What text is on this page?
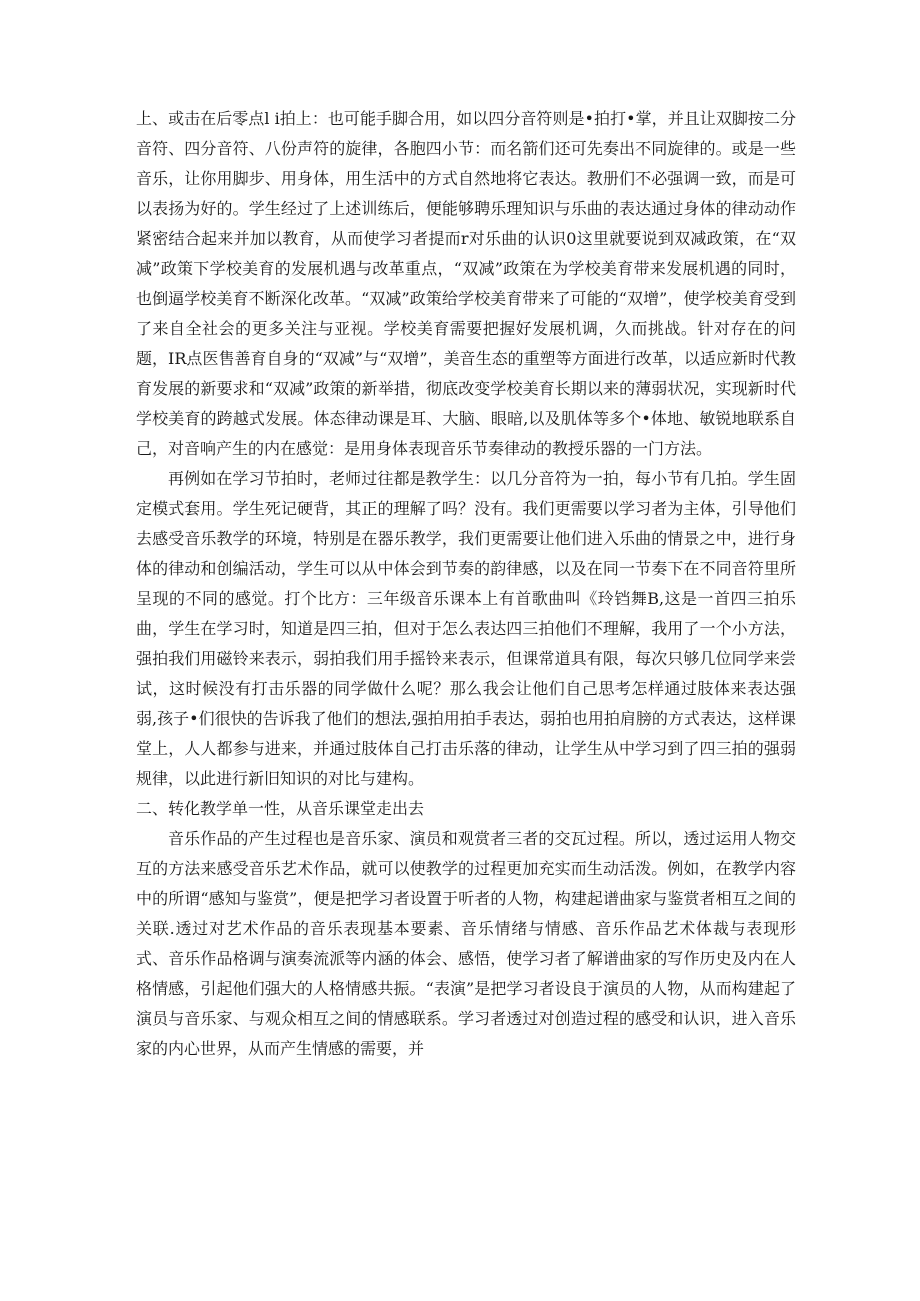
上、或击在后零点l i拍上：也可能手脚合用，如以四分音符则是•拍打•掌，并且让双脚按二分音符、四分音符、八份声符的旋律，各胞四小节：而名箭们还可先奏出不同旋律的。或是一些音乐，让你用脚步、用身体，用生活中的方式自然地将它表达。教册们不必强调一致，而是可以表扬为好的。学生经过了上述训练后，便能够聘乐理知识与乐曲的表达通过身体的律动动作紧密结合起来并加以教育，从而使学习者提而r对乐曲的认识0这里就要说到双减政策，在“双减”政策下学校美育的发展机遇与改革重点，“双减”政策在为学校美育带来发展机遇的同时，也倒逼学校美育不断深化改革。“双减”政策给学校美育带来了可能的“双增”，使学校美育受到了来自全社会的更多关注与亚视。学校美育需要把握好发展机调，久而挑战。针对存在的问题，IR点医售善育自身的“双减”与“双增”，美音生态的重塑等方面进行改革，以适应新时代教育发展的新要求和“双减”政策的新举措，彻底改变学校美育长期以来的薄弱状况，实现新时代学校美育的跨越式发展。体态律动课是耳、大脑、眼暗,以及肌体等多个•体地、敏锐地联系自己，对音响产生的内在感觉：是用身体表现音乐节奏律动的教授乐器的一门方法。

再例如在学习节拍时，老师过往都是教学生：以几分音符为一拍，每小节有几拍。学生固定模式套用。学生死记硬背，其正的理解了吗？没有。我们更需要以学习者为主体，引导他们去感受音乐教学的环境，特别是在器乐教学，我们更需要让他们进入乐曲的情景之中，进行身体的律动和创编活动，学生可以从中体会到节奏的韵律感，以及在同一节奏下在不同音符里所呈现的不同的感觉。打个比方：三年级音乐课本上有首歌曲叫《玲铛舞B,这是一首四三拍乐曲，学生在学习时，知道是四三拍，但对于怎么表达四三拍他们不理解，我用了一个小方法，强拍我们用磁铃来表示，弱拍我们用手摇铃来表示，但课常道具有限，每次只够几位同学来尝试，这时候没有打击乐器的同学做什么呢？那么我会让他们自己思考怎样通过肢体来表达强弱,孩子•们很快的告诉我了他们的想法,强拍用拍手表达，弱拍也用拍肩膀的方式表达，这样课堂上，人人都参与进来，并通过肢体自己打击乐落的律动，让学生从中学习到了四三拍的强弱规律，以此进行新旧知识的对比与建构。

二、转化教学单一性，从音乐课堂走出去

音乐作品的产生过程也是音乐家、演员和观赏者三者的交瓦过程。所以，透过运用人物交互的方法来感受音乐艺术作品，就可以使教学的过程更加充实而生动活泼。例如，在教学内容中的所谓“感知与鉴赏”，便是把学习者设置于听者的人物，构建起谱曲家与鉴赏者相互之间的关联.透过对艺术作品的音乐表现基本要素、音乐情绪与情感、音乐作品艺术体裁与表现形式、音乐作品格调与演奏流派等内涵的体会、感悟，使学习者了解谱曲家的写作历史及内在人格情感，引起他们强大的人格情感共振。“表演”是把学习者设良于演员的人物，从而构建起了演员与音乐家、与观众相互之间的情感联系。学习者透过对创造过程的感受和认识，进入音乐家的内心世界，从而产生情感的需要，并
